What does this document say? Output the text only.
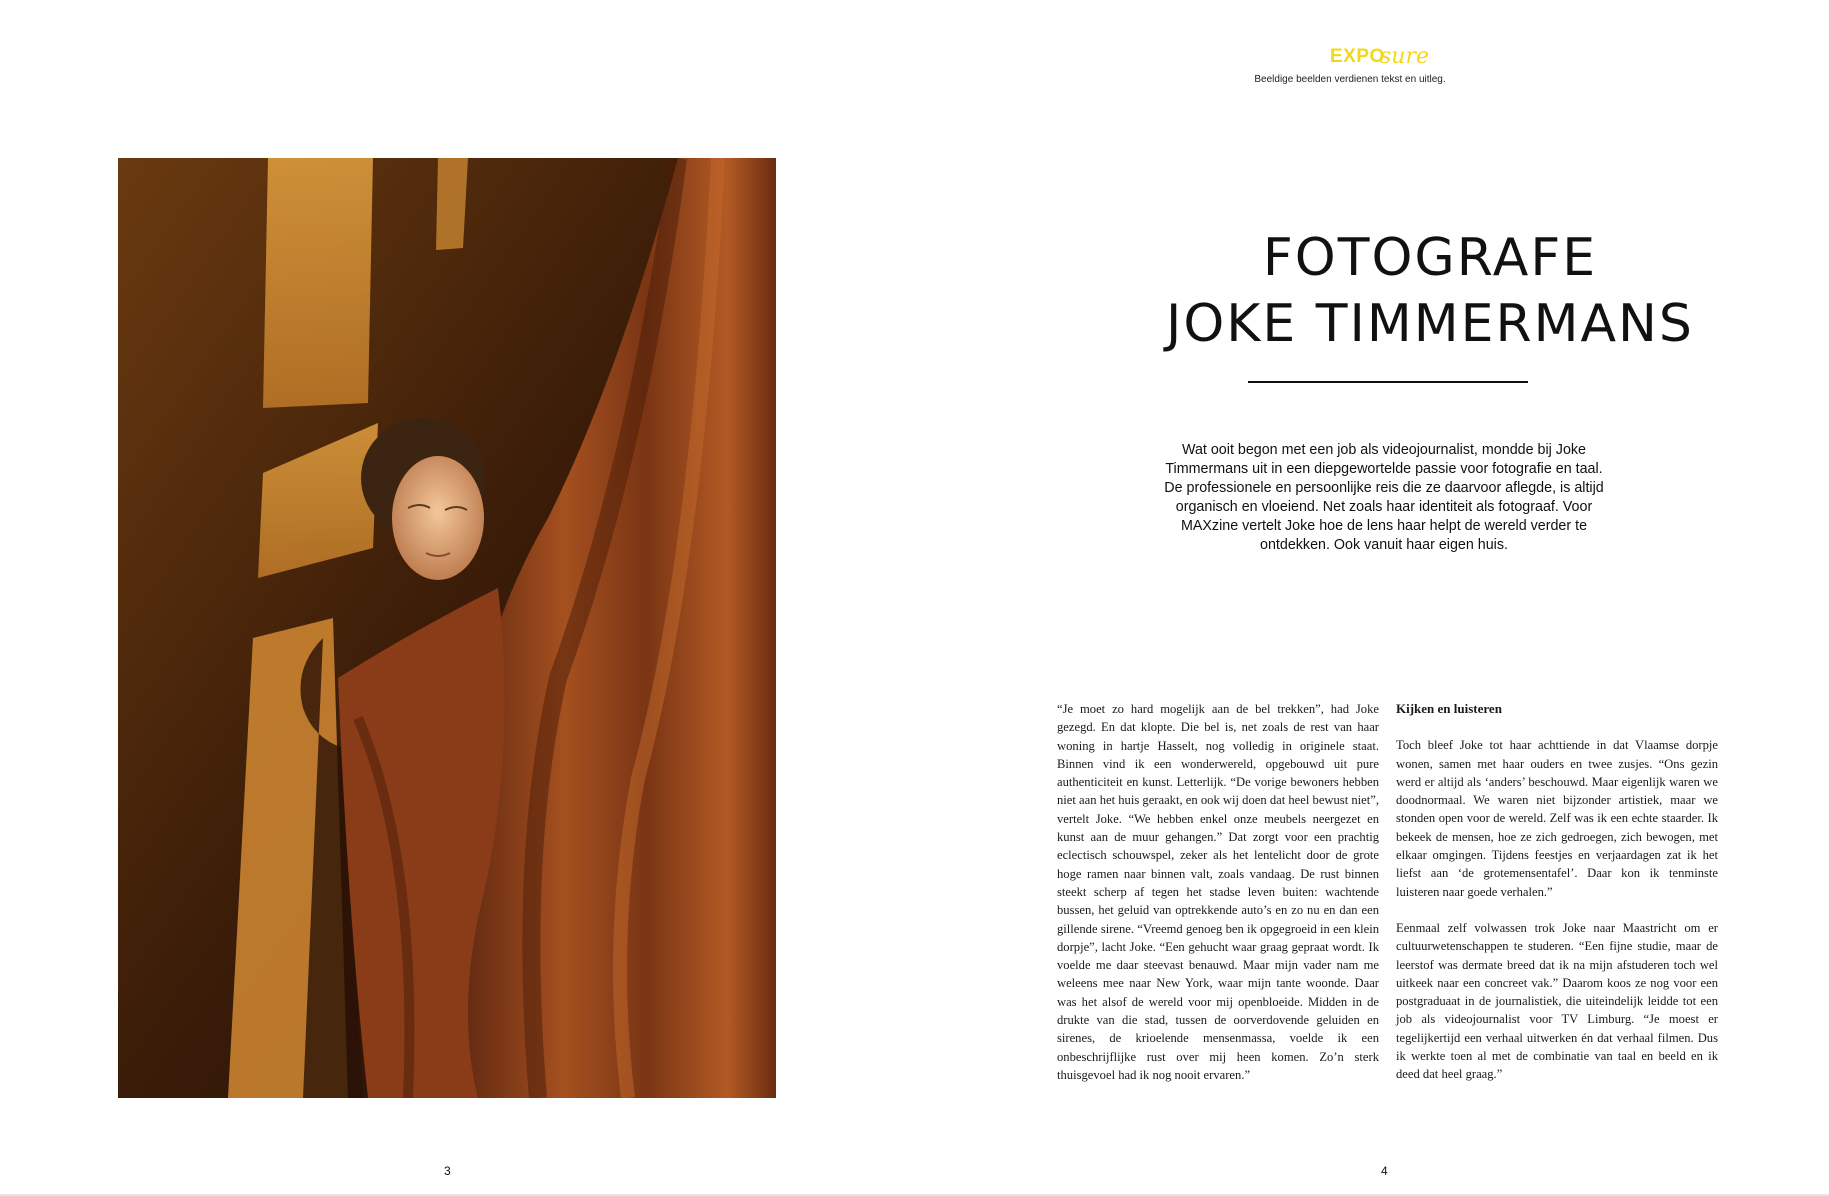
EXPO
sure
Beeldige beelden verdienen tekst en uitleg.
FOTOGRAFE
JOKE TIMMERMANS
Wat ooit begon met een job als videojournalist, mondde bij Joke Timmermans uit in een diepgewortelde passie voor fotografie en taal. De professionele en persoonlijke reis die ze daarvoor aflegde, is altijd organisch en vloeiend. Net zoals haar identiteit als fotograaf. Voor MAXzine vertelt Joke hoe de lens haar helpt de wereld verder te ontdekken. Ook vanuit haar eigen huis.

“Je moet zo hard mogelijk aan de bel trekken”, had Joke gezegd. En dat klopte. Die bel is, net zoals de rest van haar woning in hartje Hasselt, nog volledig in originele staat. Binnen vind ik een wonderwereld, opgebouwd uit pure authenticiteit en kunst. Letterlijk. “De vorige bewoners hebben niet aan het huis geraakt, en ook wij doen dat heel bewust niet”, vertelt Joke. “We hebben enkel onze meubels neergezet en kunst aan de muur gehangen.” Dat zorgt voor een prachtig eclectisch schouwspel, zeker als het lentelicht door de grote hoge ramen naar binnen valt, zoals vandaag. De rust binnen steekt scherp af tegen het stadse leven buiten: wachtende bussen, het geluid van optrekkende auto’s en zo nu en dan een gillende sirene. “Vreemd genoeg ben ik opgegroeid in een klein dorpje”, lacht Joke. “Een gehucht waar graag gepraat wordt. Ik voelde me daar steevast benauwd. Maar mijn vader nam me weleens mee naar New York, waar mijn tante woonde. Daar was het alsof de wereld voor mij openbloeide. Midden in de drukte van die stad, tussen de oorverdovende geluiden en sirenes, de krioelende mensenmassa, voelde ik een onbeschrijflijke rust over mij heen komen. Zo’n sterk thuisgevoel had ik nog nooit ervaren.”

Kijken en luisteren

Toch bleef Joke tot haar achttiende in dat Vlaamse dorpje wonen, samen met haar ouders en twee zusjes. “Ons gezin werd er altijd als ‘anders’ beschouwd. Maar eigenlijk waren we doodnormaal. We waren niet bijzonder artistiek, maar we stonden open voor de wereld. Zelf was ik een echte staarder. Ik bekeek de mensen, hoe ze zich gedroegen, zich bewogen, met elkaar omgingen. Tijdens feestjes en verjaardagen zat ik het liefst aan ‘de grotemensentafel’. Daar kon ik tenminste luisteren naar goede verhalen.”

Eenmaal zelf volwassen trok Joke naar Maastricht om er cultuurwetenschappen te studeren. “Een fijne studie, maar de leerstof was dermate breed dat ik na mijn afstuderen toch wel uitkeek naar een concreet vak.” Daarom koos ze nog voor een postgraduaat in de journalistiek, die uiteindelijk leidde tot een job als videojournalist voor TV Limburg. “Je moest er tegelijkertijd een verhaal uitwerken én dat verhaal filmen. Dus ik werkte toen al met de combinatie van taal en beeld en ik deed dat heel graag.”

3	4
